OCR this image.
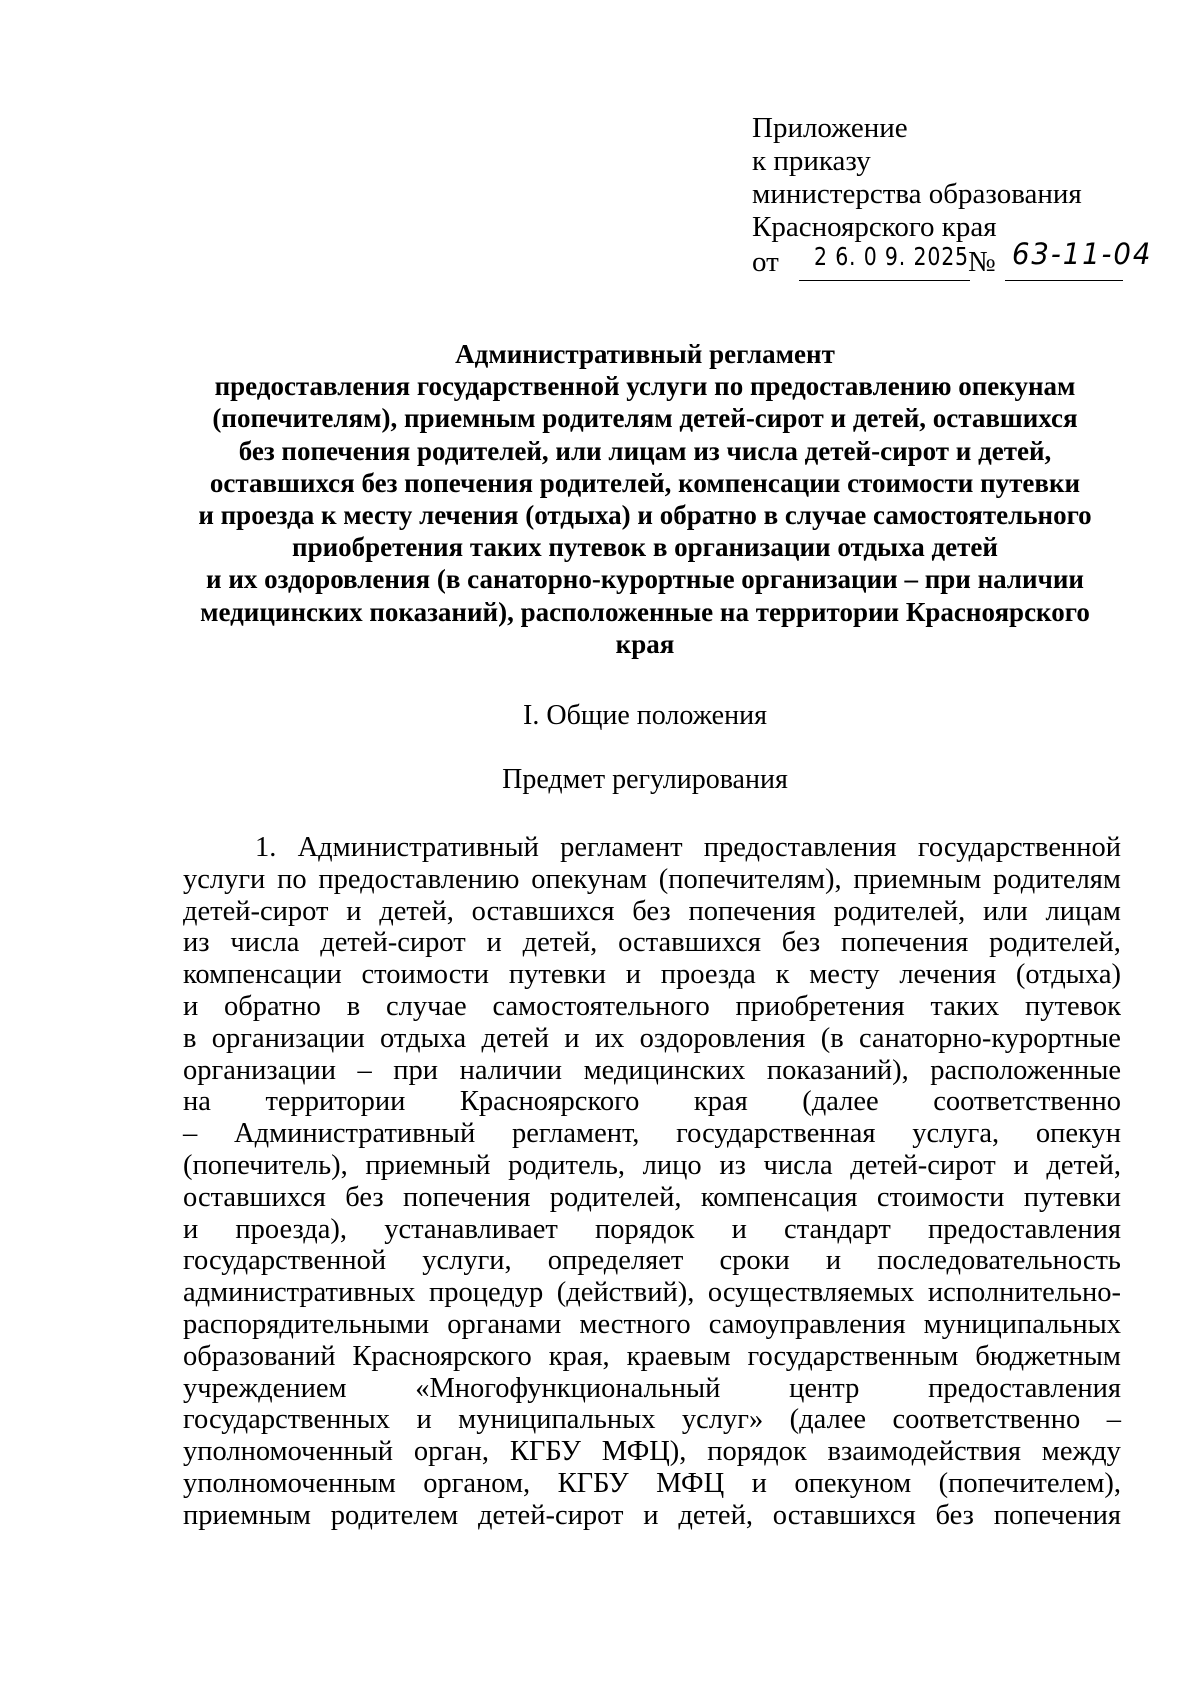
Приложение
к приказу
министерства образования
Красноярского края
от 2 6. 0 9. 2025 № 63-11-04
Административный регламент
предоставления государственной услуги по предоставлению опекунам
(попечителям), приемным родителям детей-сирот и детей, оставшихся
без попечения родителей, или лицам из числа детей-сирот и детей,
оставшихся без попечения родителей, компенсации стоимости путевки
и проезда к месту лечения (отдыха) и обратно в случае самостоятельного
приобретения таких путевок в организации отдыха детей
и их оздоровления (в санаторно-курортные организации – при наличии
медицинских показаний), расположенные на территории Красноярского
края
I. Общие положения
Предмет регулирования
1. Административный регламент предоставления государственной
услуги по предоставлению опекунам (попечителям), приемным родителям
детей-сирот и детей, оставшихся без попечения родителей, или лицам
из числа детей-сирот и детей, оставшихся без попечения родителей,
компенсации стоимости путевки и проезда к месту лечения (отдыха)
и обратно в случае самостоятельного приобретения таких путевок
в организации отдыха детей и их оздоровления (в санаторно-курортные
организации – при наличии медицинских показаний), расположенные
на территории Красноярского края (далее соответственно
– Административный регламент, государственная услуга, опекун
(попечитель), приемный родитель, лицо из числа детей-сирот и детей,
оставшихся без попечения родителей, компенсация стоимости путевки
и проезда), устанавливает порядок и стандарт предоставления
государственной услуги, определяет сроки и последовательность
административных процедур (действий), осуществляемых исполнительно-
распорядительными органами местного самоуправления муниципальных
образований Красноярского края, краевым государственным бюджетным
учреждением «Многофункциональный центр предоставления
государственных и муниципальных услуг» (далее соответственно –
уполномоченный орган, КГБУ МФЦ), порядок взаимодействия между
уполномоченным органом, КГБУ МФЦ и опекуном (попечителем),
приемным родителем детей-сирот и детей, оставшихся без попечения
